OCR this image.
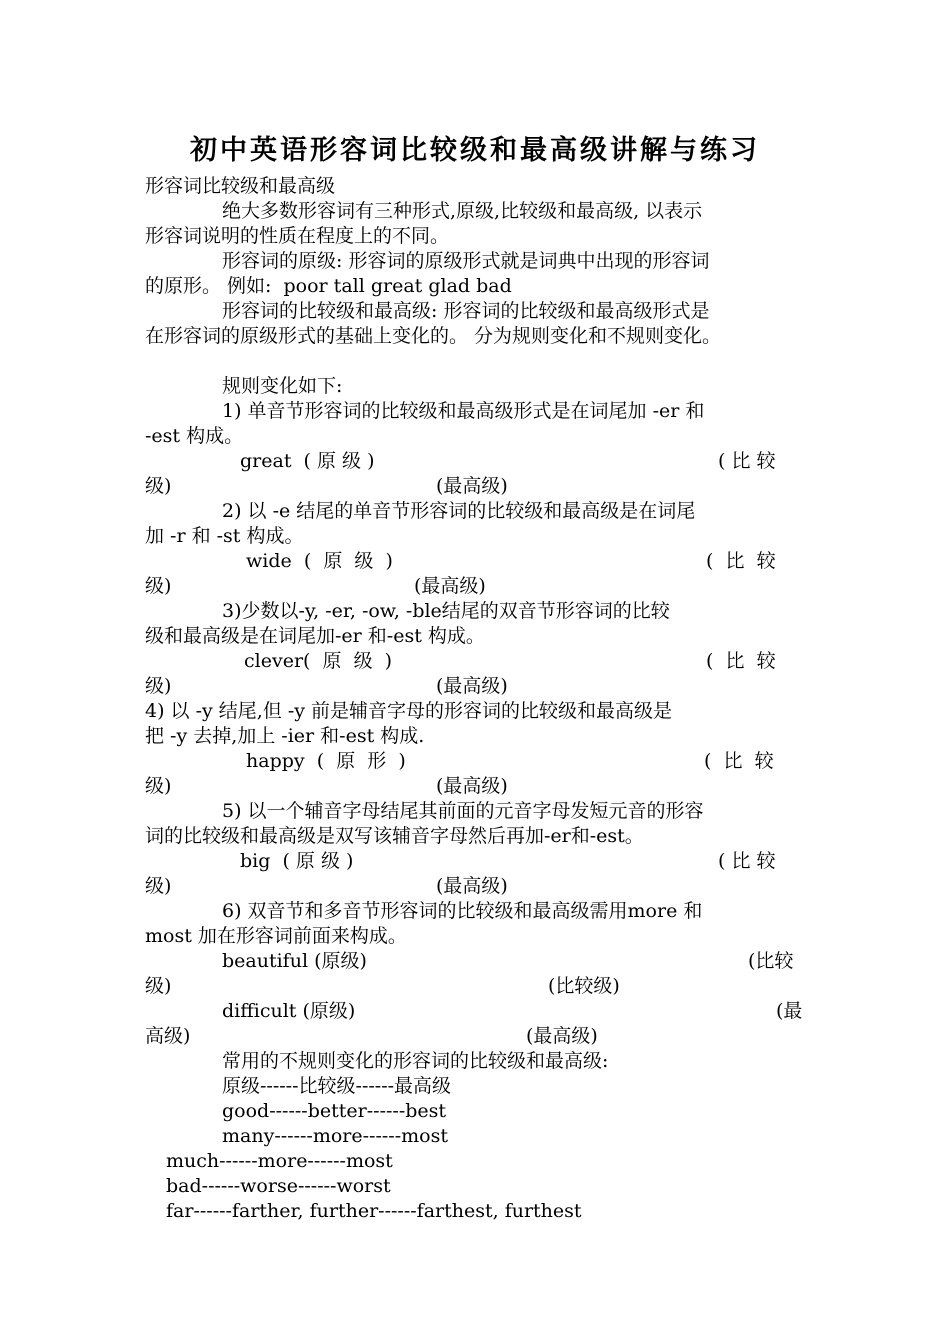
初中英语形容词比较级和最高级讲解与练习
形容词比较级和最高级
绝大多数形容词有三种形式,原级,比较级和最高级, 以表示
形容词说明的性质在程度上的不同。
形容词的原级: 形容词的原级形式就是词典中出现的形容词
的原形。 例如:  poor tall great glad bad
形容词的比较级和最高级: 形容词的比较级和最高级形式是
在形容词的原级形式的基础上变化的。 分为规则变化和不规则变化。
规则变化如下:
1) 单音节形容词的比较级和最高级形式是在词尾加 -er 和
-est 构成。
great  ( 原 级 )	( 比 较
级)	(最高级)
2) 以 -e 结尾的单音节形容词的比较级和最高级是在词尾
加 -r 和 -st 构成。
wide  (  原  级  )	(  比  较
级)	(最高级)
3)少数以-y, -er, -ow, -ble结尾的双音节形容词的比较
级和最高级是在词尾加-er 和-est 构成。
clever(  原  级  )	(  比  较
级)	(最高级)
4) 以 -y 结尾,但 -y 前是辅音字母的形容词的比较级和最高级是
把 -y 去掉,加上 -ier 和-est 构成.
happy  (  原  形  )	(  比  较
级)	(最高级)
5) 以一个辅音字母结尾其前面的元音字母发短元音的形容
词的比较级和最高级是双写该辅音字母然后再加-er和-est。
big  ( 原 级 )	( 比 较
级)	(最高级)
6) 双音节和多音节形容词的比较级和最高级需用more 和
most 加在形容词前面来构成。
beautiful (原级)	(比较
级)	(比较级)
difficult (原级)	(最
高级)	(最高级)
常用的不规则变化的形容词的比较级和最高级:
原级------比较级------最高级
good------better------best
many------more------most
much------more------most
bad------worse------worst
far------farther, further------farthest, furthest
